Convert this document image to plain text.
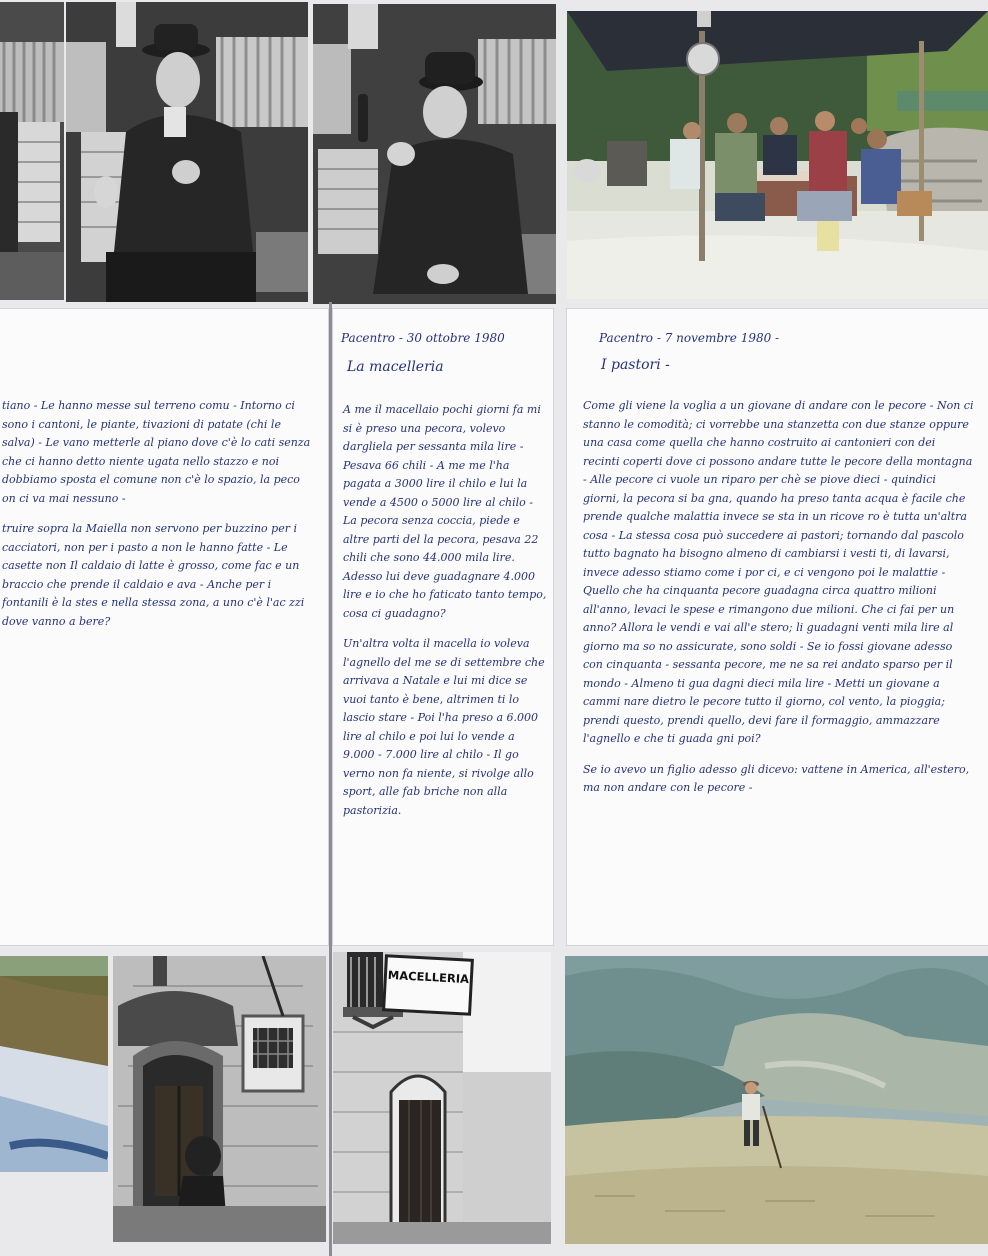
tiano - Le hanno messe sul terreno comu - Intorno ci sono i cantoni, le piante, tivazioni di patate (chi le salva) - Le vano metterle al piano dove c'è lo cati senza che ci hanno detto niente ugata nello stazzo e noi dobbiamo sposta el comune non c'è lo spazio, la peco on ci va mai nessuno -

truire sopra la Maiella non servono per buzzino per i cacciatori, non per i pasto a non le hanno fatte - Le casette non Il caldaio di latte è grosso, come fac e un braccio che prende il caldaio e ava - Anche per i fontanili è la stes e nella stessa zona, a uno c'è l'ac zzi dove vanno a bere?

Pacentro - 30 ottobre 1980
La macelleria

A me il macellaio pochi giorni fa mi si è preso una pecora, volevo dargliela per sessanta mila lire - Pesava 66 chili - A me me l'ha pagata a 3000 lire il chilo e lui la vende a 4500 o 5000 lire al chilo - La pecora senza coccia, piede e altre parti del la pecora, pesava 22 chili che sono 44.000 mila lire. Adesso lui deve guadagnare 4.000 lire e io che ho faticato tanto tempo, cosa ci guadagno?

Un'altra volta il macella io voleva l'agnello del me se di settembre che arrivava a Natale e lui mi dice se vuoi tanto è bene, altrimen ti lo lascio stare - Poi l'ha preso a 6.000 lire al chilo e poi lui lo vende a 9.000 - 7.000 lire al chilo - Il go verno non fa niente, si rivolge allo sport, alle fab briche non alla pastorizia.

Pacentro - 7 novembre 1980 -
I pastori -

Come gli viene la voglia a un giovane di andare con le pecore - Non ci stanno le comodità; ci vorrebbe una stanzetta con due stanze oppure una casa come quella che hanno costruito ai cantonieri con dei recinti coperti dove ci possono andare tutte le pecore della montagna - Alle pecore ci vuole un riparo per chè se piove dieci - quindici giorni, la pecora si ba gna, quando ha preso tanta acqua è facile che prende qualche malattia invece se sta in un ricove ro è tutta un'altra cosa - La stessa cosa può succedere ai pastori; tornando dal pascolo tutto bagnato ha bisogno almeno di cambiarsi i vesti ti, di lavarsi, invece adesso stiamo come i por ci, e ci vengono poi le malattie - Quello che ha cinquanta pecore guadagna circa quattro milioni all'anno, levaci le spese e rimangono due milioni. Che ci fai per un anno? Allora le vendi e vai all'e stero; li guadagni venti mila lire al giorno ma so no assicurate, sono soldi - Se io fossi giovane adesso con cinquanta - sessanta pecore, me ne sa rei andato sparso per il mondo - Almeno ti gua dagni dieci mila lire - Metti un giovane a cammi nare dietro le pecore tutto il giorno, col vento, la pioggia; prendi questo, prendi quello, devi fare il formaggio, ammazzare l'agnello e che ti guada gni poi?

Se io avevo un figlio adesso gli dicevo: vattene in America, all'estero, ma non andare con le pecore -

MACELLERIA
